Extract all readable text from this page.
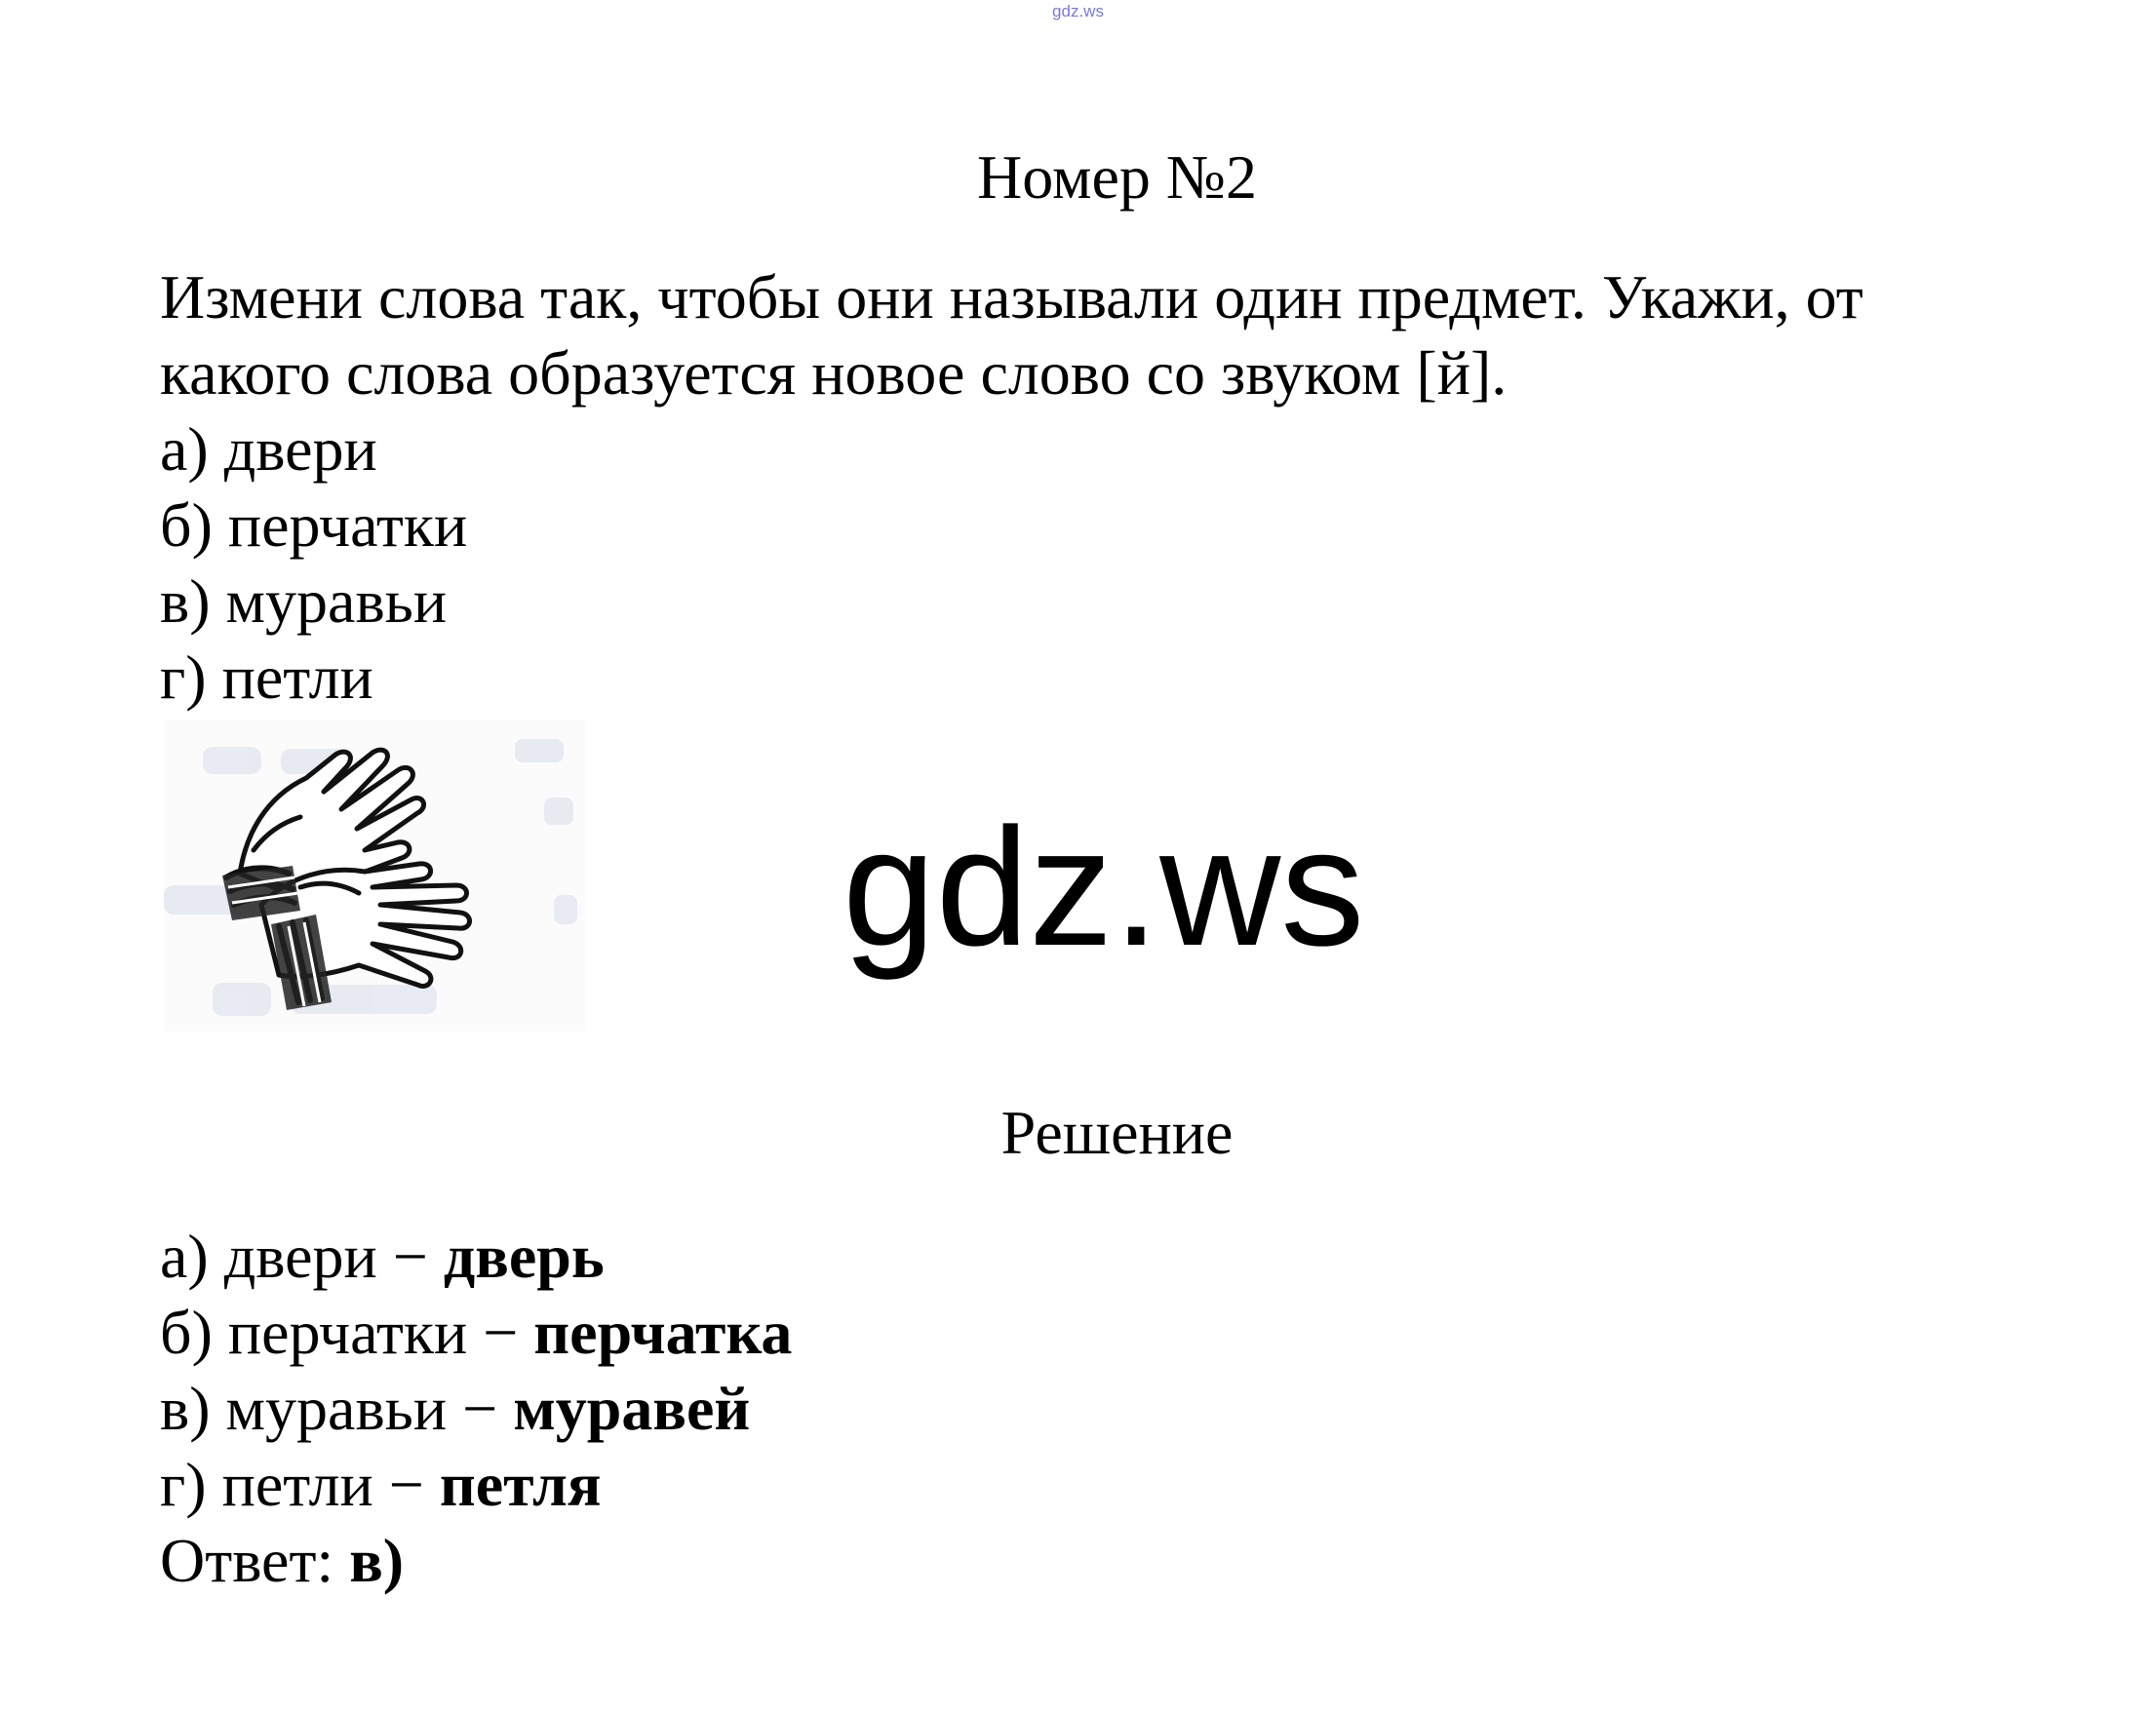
gdz.ws
Номер №2

Измени слова так, чтобы они называли один предмет. Укажи, от

какого слова образуется новое слово со звуком [й].

а) двери
б) перчатки
в) муравьи
г) петли
gdz.ws
Решение
а) двери − дверь
б) перчатки − перчатка
в) муравьи − муравей
г) петли − петля
Ответ: в)
